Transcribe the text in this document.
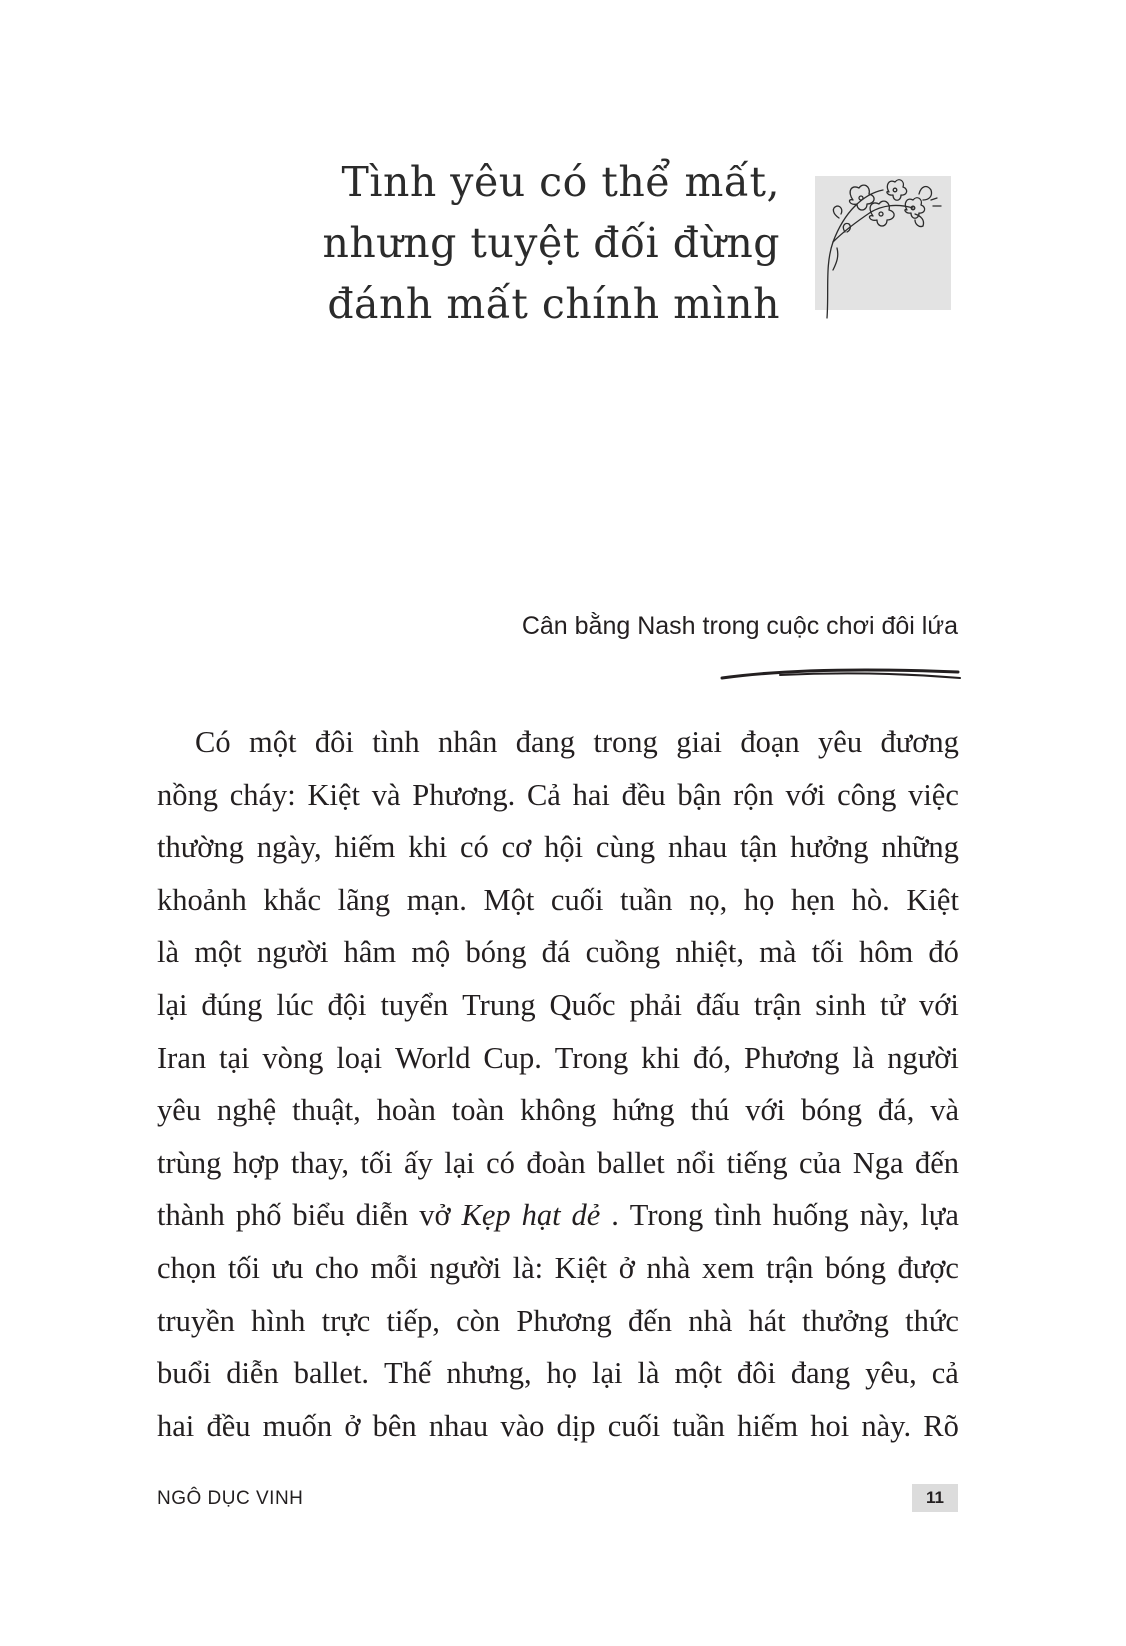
Tình yêu có thể mất,
nhưng tuyệt đối đừng
đánh mất chính mình
Cân bằng Nash trong cuộc chơi đôi lứa
Có một đôi tình nhân đang trong giai đoạn yêu đương
nồng cháy: Kiệt và Phương. Cả hai đều bận rộn với công việc
thường ngày, hiếm khi có cơ hội cùng nhau tận hưởng những
khoảnh khắc lãng mạn. Một cuối tuần nọ, họ hẹn hò. Kiệt
là một người hâm mộ bóng đá cuồng nhiệt, mà tối hôm đó
lại đúng lúc đội tuyển Trung Quốc phải đấu trận sinh tử với
Iran tại vòng loại World Cup. Trong khi đó, Phương là người
yêu nghệ thuật, hoàn toàn không hứng thú với bóng đá, và
trùng hợp thay, tối ấy lại có đoàn ballet nổi tiếng của Nga đến
thành phố biểu diễn vở Kẹp hạt dẻ . Trong tình huống này, lựa
chọn tối ưu cho mỗi người là: Kiệt ở nhà xem trận bóng được
truyền hình trực tiếp, còn Phương đến nhà hát thưởng thức
buổi diễn ballet. Thế nhưng, họ lại là một đôi đang yêu, cả
hai đều muốn ở bên nhau vào dịp cuối tuần hiếm hoi này. Rõ
NGÔ DỤC VINH	11
